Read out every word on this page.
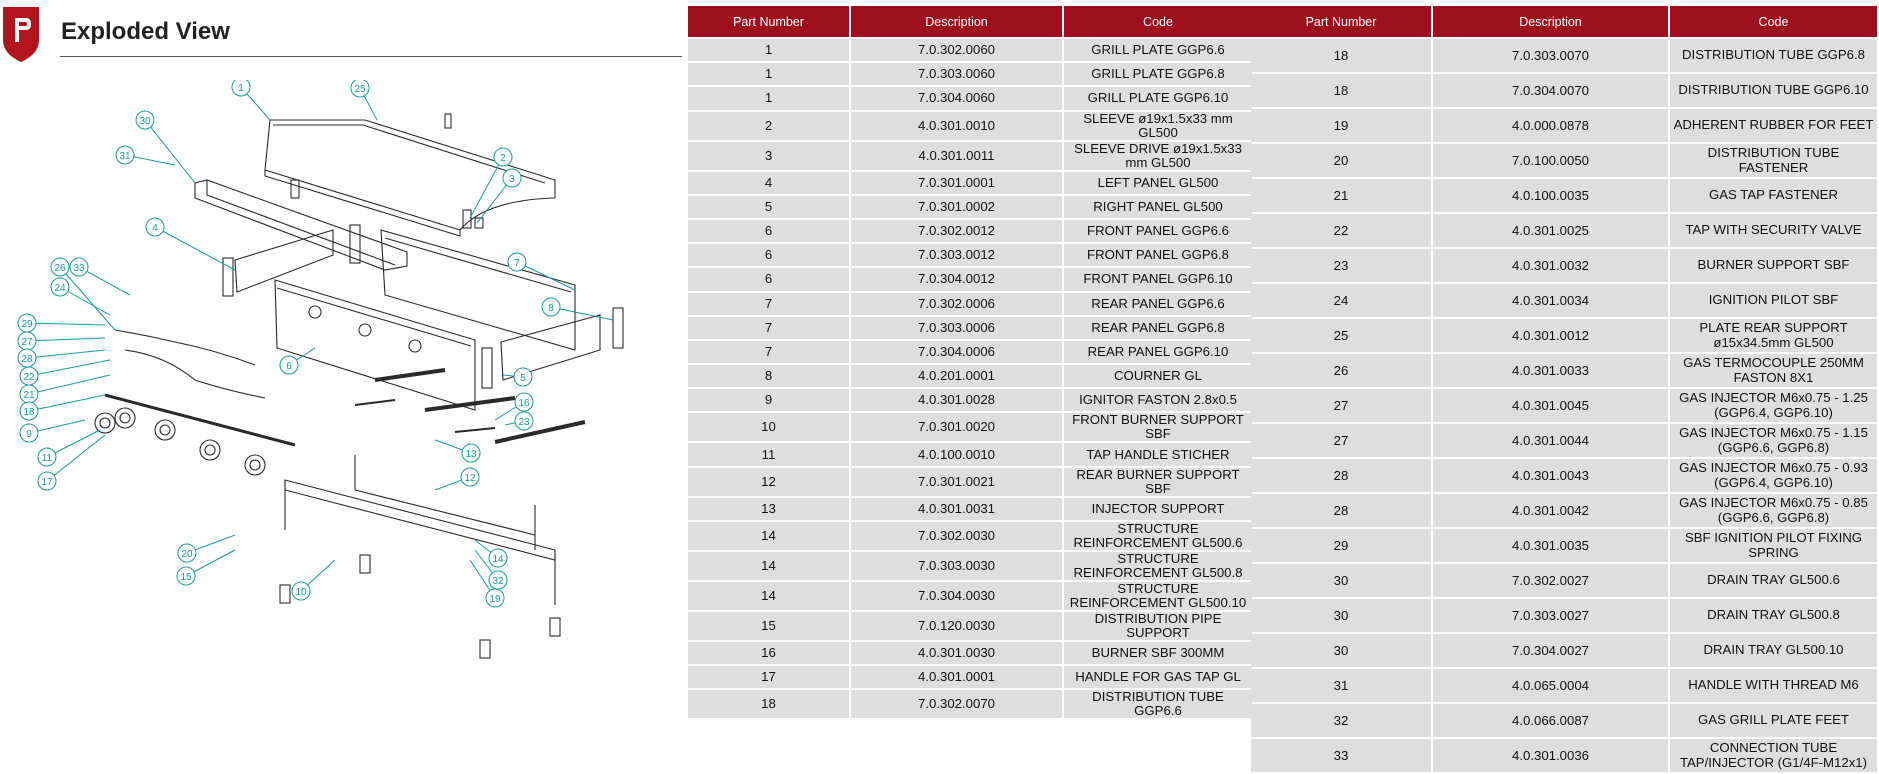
Exploded View
1	25
30
31	2
3
4
7
8
5
6
26 33
24
29
27
28
22
21
18
9
11
17
16
23
13
12
20
15
10
14
32
19
Part Number	Description	Code
1	7.0.302.0060	GRILL PLATE GGP6.6
1	7.0.303.0060	GRILL PLATE GGP6.8
1	7.0.304.0060	GRILL PLATE GGP6.10
2	4.0.301.0010	SLEEVE ø19x1.5x33 mm GL500
3	4.0.301.0011	SLEEVE DRIVE ø19x1.5x33 mm GL500
4	7.0.301.0001	LEFT PANEL GL500
5	7.0.301.0002	RIGHT PANEL GL500
6	7.0.302.0012	FRONT PANEL GGP6.6
6	7.0.303.0012	FRONT PANEL GGP6.8
6	7.0.304.0012	FRONT PANEL GGP6.10
7	7.0.302.0006	REAR PANEL GGP6.6
7	7.0.303.0006	REAR PANEL GGP6.8
7	7.0.304.0006	REAR PANEL GGP6.10
8	4.0.201.0001	COURNER GL
9	4.0.301.0028	IGNITOR FASTON 2.8x0.5
10	7.0.301.0020	FRONT BURNER SUPPORT SBF
11	4.0.100.0010	TAP HANDLE STICHER
12	7.0.301.0021	REAR BURNER SUPPORT SBF
13	4.0.301.0031	INJECTOR SUPPORT
14	7.0.302.0030	STRUCTURE REINFORCEMENT GL500.6
14	7.0.303.0030	STRUCTURE REINFORCEMENT GL500.8
14	7.0.304.0030	STRUCTURE REINFORCEMENT GL500.10
15	7.0.120.0030	DISTRIBUTION PIPE SUPPORT
16	4.0.301.0030	BURNER SBF 300MM
17	4.0.301.0001	HANDLE FOR GAS TAP GL
18	7.0.302.0070	DISTRIBUTION TUBE GGP6.6
Part Number	Description	Code
18	7.0.303.0070	DISTRIBUTION TUBE GGP6.8
18	7.0.304.0070	DISTRIBUTION TUBE GGP6.10
19	4.0.000.0878	ADHERENT RUBBER FOR FEET
20	7.0.100.0050	DISTRIBUTION TUBE FASTENER
21	4.0.100.0035	GAS TAP FASTENER
22	4.0.301.0025	TAP WITH SECURITY VALVE
23	4.0.301.0032	BURNER SUPPORT SBF
24	4.0.301.0034	IGNITION PILOT SBF
25	4.0.301.0012	PLATE REAR SUPPORT ø15x34.5mm GL500
26	4.0.301.0033	GAS TERMOCOUPLE 250MM FASTON 8X1
27	4.0.301.0045	GAS INJECTOR M6x0.75 - 1.25 (GGP6.4, GGP6.10)
27	4.0.301.0044	GAS INJECTOR M6x0.75 - 1.15 (GGP6.6, GGP6.8)
28	4.0.301.0043	GAS INJECTOR M6x0.75 - 0.93 (GGP6.4, GGP6.10)
28	4.0.301.0042	GAS INJECTOR M6x0.75 - 0.85 (GGP6.6, GGP6.8)
29	4.0.301.0035	SBF IGNITION PILOT FIXING SPRING
30	7.0.302.0027	DRAIN TRAY GL500.6
30	7.0.303.0027	DRAIN TRAY GL500.8
30	7.0.304.0027	DRAIN TRAY GL500.10
31	4.0.065.0004	HANDLE WITH THREAD M6
32	4.0.066.0087	GAS GRILL PLATE FEET
33	4.0.301.0036	CONNECTION TUBE TAP/INJECTOR (G1/4F-M12x1)
